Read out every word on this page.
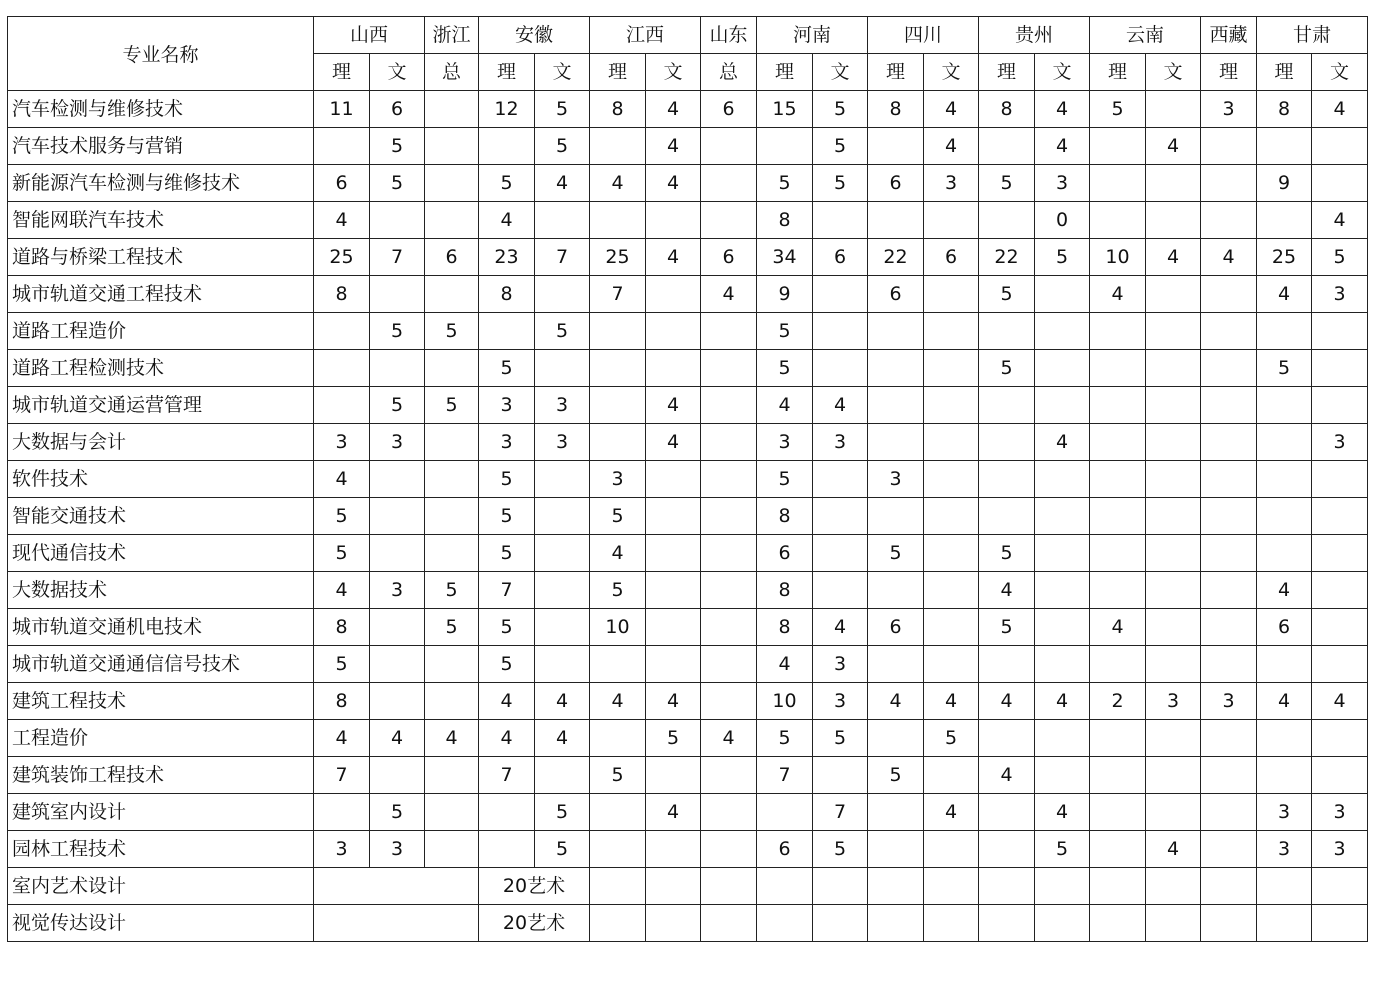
专业名称	山西		浙江	安徽		江西		山东	河南		四川		贵州		云南		西藏	甘肃	
	理	文	总	理	文	理	文	总	理	文	理	文	理	文	理	文	理	理	文
汽车检测与维修技术	11	6		12	5	8	4	6	15	5	8	4	8	4	5		3	8	4
汽车技术服务与营销		5			5		4			5		4		4		4			
新能源汽车检测与维修技术	6	5		5	4	4	4		5	5	6	3	5	3				9	
智能网联汽车技术	4			4					8					0					4
道路与桥梁工程技术	25	7	6	23	7	25	4	6	34	6	22	6	22	5	10	4	4	25	5
城市轨道交通工程技术	8			8		7		4	9		6		5		4			4	3
道路工程造价		5	5		5				5										
道路工程检测技术				5					5				5					5	
城市轨道交通运营管理		5	5	3	3		4		4	4									
大数据与会计	3	3		3	3		4		3	3				4					3
软件技术	4			5		3			5		3								
智能交通技术	5			5		5			8										
现代通信技术	5			5		4			6		5		5						
大数据技术	4	3	5	7		5			8				4					4	
城市轨道交通机电技术	8		5	5		10			8	4	6		5		4			6	
城市轨道交通通信信号技术	5			5					4	3									
建筑工程技术	8			4	4	4	4		10	3	4	4	4	4	2	3	3	4	4
工程造价	4	4	4	4	4		5	4	5	5		5							
建筑装饰工程技术	7			7		5			7		5		4						
建筑室内设计		5			5		4			7		4		4				3	3
园林工程技术	3	3			5				6	5				5		4		3	3
室内艺术设计				20艺术															
视觉传达设计				20艺术															
